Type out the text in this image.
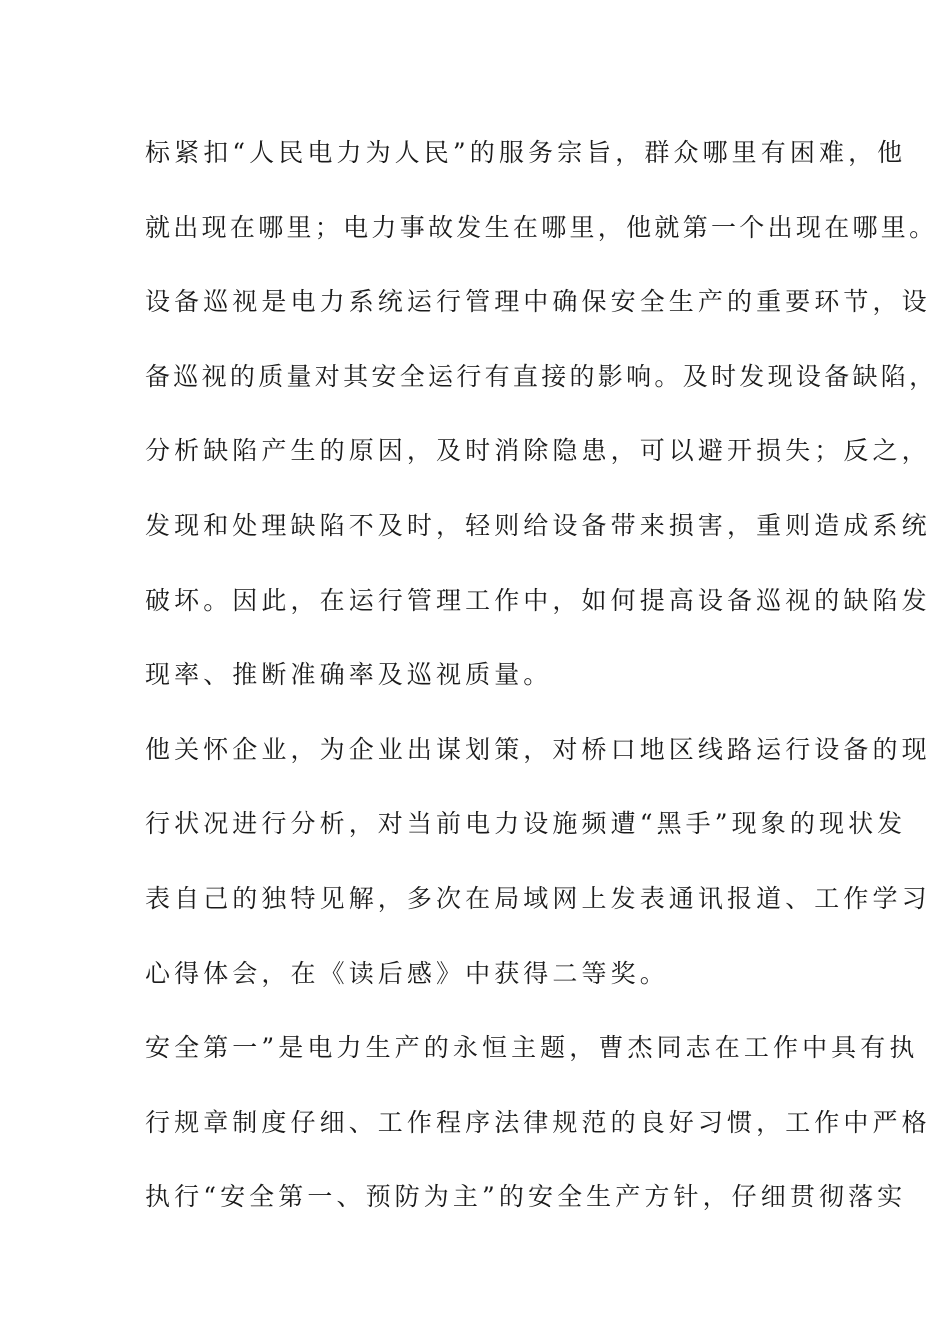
标紧扣“人民电力为人民”的服务宗旨，群众哪里有困难，他
就出现在哪里；电力事故发生在哪里，他就第一个出现在哪里。
设备巡视是电力系统运行管理中确保安全生产的重要环节，设
备巡视的质量对其安全运行有直接的影响。及时发现设备缺陷，
分析缺陷产生的原因，及时消除隐患，可以避开损失；反之，
发现和处理缺陷不及时，轻则给设备带来损害，重则造成系统
破坏。因此，在运行管理工作中，如何提高设备巡视的缺陷发
现率、推断准确率及巡视质量。
他关怀企业，为企业出谋划策，对桥口地区线路运行设备的现
行状况进行分析，对当前电力设施频遭“黑手”现象的现状发
表自己的独特见解，多次在局域网上发表通讯报道、工作学习
心得体会，在《读后感》中获得二等奖。
安全第一”是电力生产的永恒主题，曹杰同志在工作中具有执
行规章制度仔细、工作程序法律规范的良好习惯，工作中严格
执行“安全第一、预防为主”的安全生产方针，仔细贯彻落实
